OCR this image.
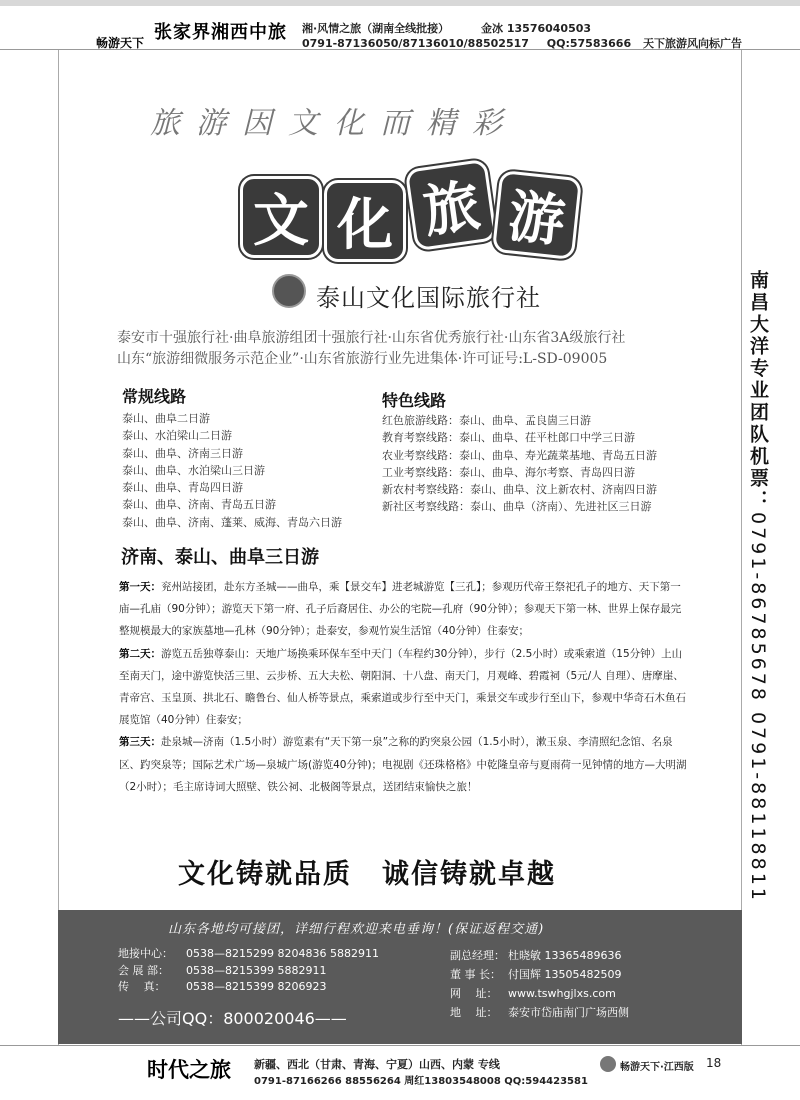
畅游天下 张家界湘西中旅 湘·风情之旅（湖南全线批接）	金冰 13576040503
0791-87136050/87136010/88502517 QQ:57583666 天下旅游风向标广告
旅游因文化而精彩
文 化 旅 游
泰山文化国际旅行社
泰安市十强旅行社·曲阜旅游组团十强旅行社·山东省优秀旅行社·山东省3A级旅行社
山东“旅游细微服务示范企业”·山东省旅游行业先进集体·许可证号:L-SD-09005
常规线路
泰山、曲阜二日游
泰山、水泊梁山二日游
泰山、曲阜、济南三日游
泰山、曲阜、水泊梁山三日游
泰山、曲阜、青岛四日游
泰山、曲阜、济南、青岛五日游
泰山、曲阜、济南、蓬莱、威海、青岛六日游
特色线路
红色旅游线路：泰山、曲阜、孟良崮三日游
教育考察线路：泰山、曲阜、茌平杜郎口中学三日游
农业考察线路：泰山、曲阜、寿光蔬菜基地、青岛五日游
工业考察线路：泰山、曲阜、海尔考察、青岛四日游
新农村考察线路：泰山、曲阜、汶上新农村、济南四日游
新社区考察线路：泰山、曲阜（济南）、先进社区三日游
济南、泰山、曲阜三日游
第一天：兖州站接团，赴东方圣城——曲阜，乘【景交车】进老城游览【三孔】；参观历代帝王祭祀孔子的地方、天下第一庙—孔庙（90分钟）；游览天下第一府、孔子后裔居住、办公的宅院—孔府（90分钟）；参观天下第一林、世界上保存最完整规模最大的家族墓地—孔林（90分钟）；赴泰安，参观竹炭生活馆（40分钟）住泰安；
第二天：游览五岳独尊泰山：天地广场换乘环保车至中天门（车程约30分钟），步行（2.5小时）或乘索道（15分钟）上山至南天门，途中游览快活三里、云步桥、五大夫松、朝阳洞、十八盘、南天门，月观峰、碧霞祠（5元/人 自理）、唐摩崖、青帝宫、玉皇顶、拱北石、瞻鲁台、仙人桥等景点，乘索道或步行至中天门，乘景交车或步行至山下，参观中华奇石木鱼石展览馆（40分钟）住泰安；
第三天：赴泉城—济南（1.5小时）游览素有“天下第一泉”之称的趵突泉公园（1.5小时），漱玉泉、李清照纪念馆、名泉区、趵突泉等；国际艺术广场—泉城广场(游览40分钟)；电视剧《还珠格格》中乾隆皇帝与夏雨荷一见钟情的地方—大明湖（2小时）；毛主席诗词大照壁、铁公祠、北极阁等景点，送团结束愉快之旅！
文化铸就品质 诚信铸就卓越
山东各地均可接团，详细行程欢迎来电垂询！(保证返程交通)
地接中心： 0538—8215299 8204836 5882911
会 展 部： 0538—8215399 5882911
传　 真： 0538—8215399 8206923
——公司QQ：800020046——
副总经理： 杜晓敏 13365489636
董 事 长： 付国辉 13505482509
网　 址： www.tswhgjlxs.com
地　 址： 泰安市岱庙南门广场西侧
南昌大洋专业团队机票：0791-86785678 0791-88118811
时代之旅 新疆、西北（甘肃、青海、宁夏）山西、内蒙 专线
0791-87166266 88556264 周红13803548008 QQ:594423581
畅游天下·江西版 18
